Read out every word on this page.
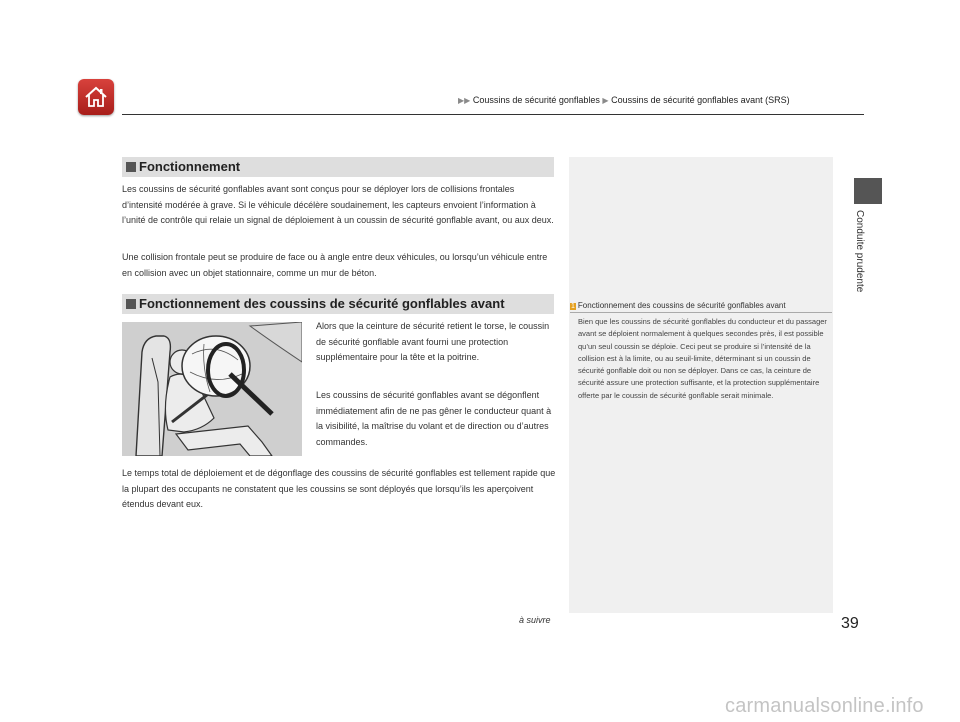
▶▶ Coussins de sécurité gonflables ▶ Coussins de sécurité gonflables avant (SRS)
Fonctionnement
Les coussins de sécurité gonflables avant sont conçus pour se déployer lors de collisions frontales d’intensité modérée à grave. Si le véhicule décélère soudainement, les capteurs envoient l’information à l’unité de contrôle qui relaie un signal de déploiement à un coussin de sécurité gonflable avant, ou aux deux.
Une collision frontale peut se produire de face ou à angle entre deux véhicules, ou lorsqu’un véhicule entre en collision avec un objet stationnaire, comme un mur de béton.
Fonctionnement des coussins de sécurité gonflables avant
Alors que la ceinture de sécurité retient le torse, le coussin de sécurité gonflable avant fourni une protection supplémentaire pour la tête et la poitrine.
Les coussins de sécurité gonflables avant se dégonflent immédiatement afin de ne pas gêner le conducteur quant à la visibilité, la maîtrise du volant et de direction ou d’autres commandes.
Le temps total de déploiement et de dégonflage des coussins de sécurité gonflables est tellement rapide que la plupart des occupants ne constatent que les coussins se sont déployés que lorsqu’ils les aperçoivent étendus devant eux.
1 Fonctionnement des coussins de sécurité gonflables avant
Bien que les coussins de sécurité gonflables du conducteur et du passager avant se déploient normalement à quelques secondes près, il est possible qu’un seul coussin se déploie. Ceci peut se produire si l’intensité de la collision est à la limite, ou au seuil-limite, déterminant si un coussin de sécurité gonflable doit ou non se déployer. Dans ce cas, la ceinture de sécurité assure une protection suffisante, et la protection supplémentaire offerte par le coussin de sécurité gonflable serait minimale.
Conduite prudente
à suivre	39
carmanualsonline.info
